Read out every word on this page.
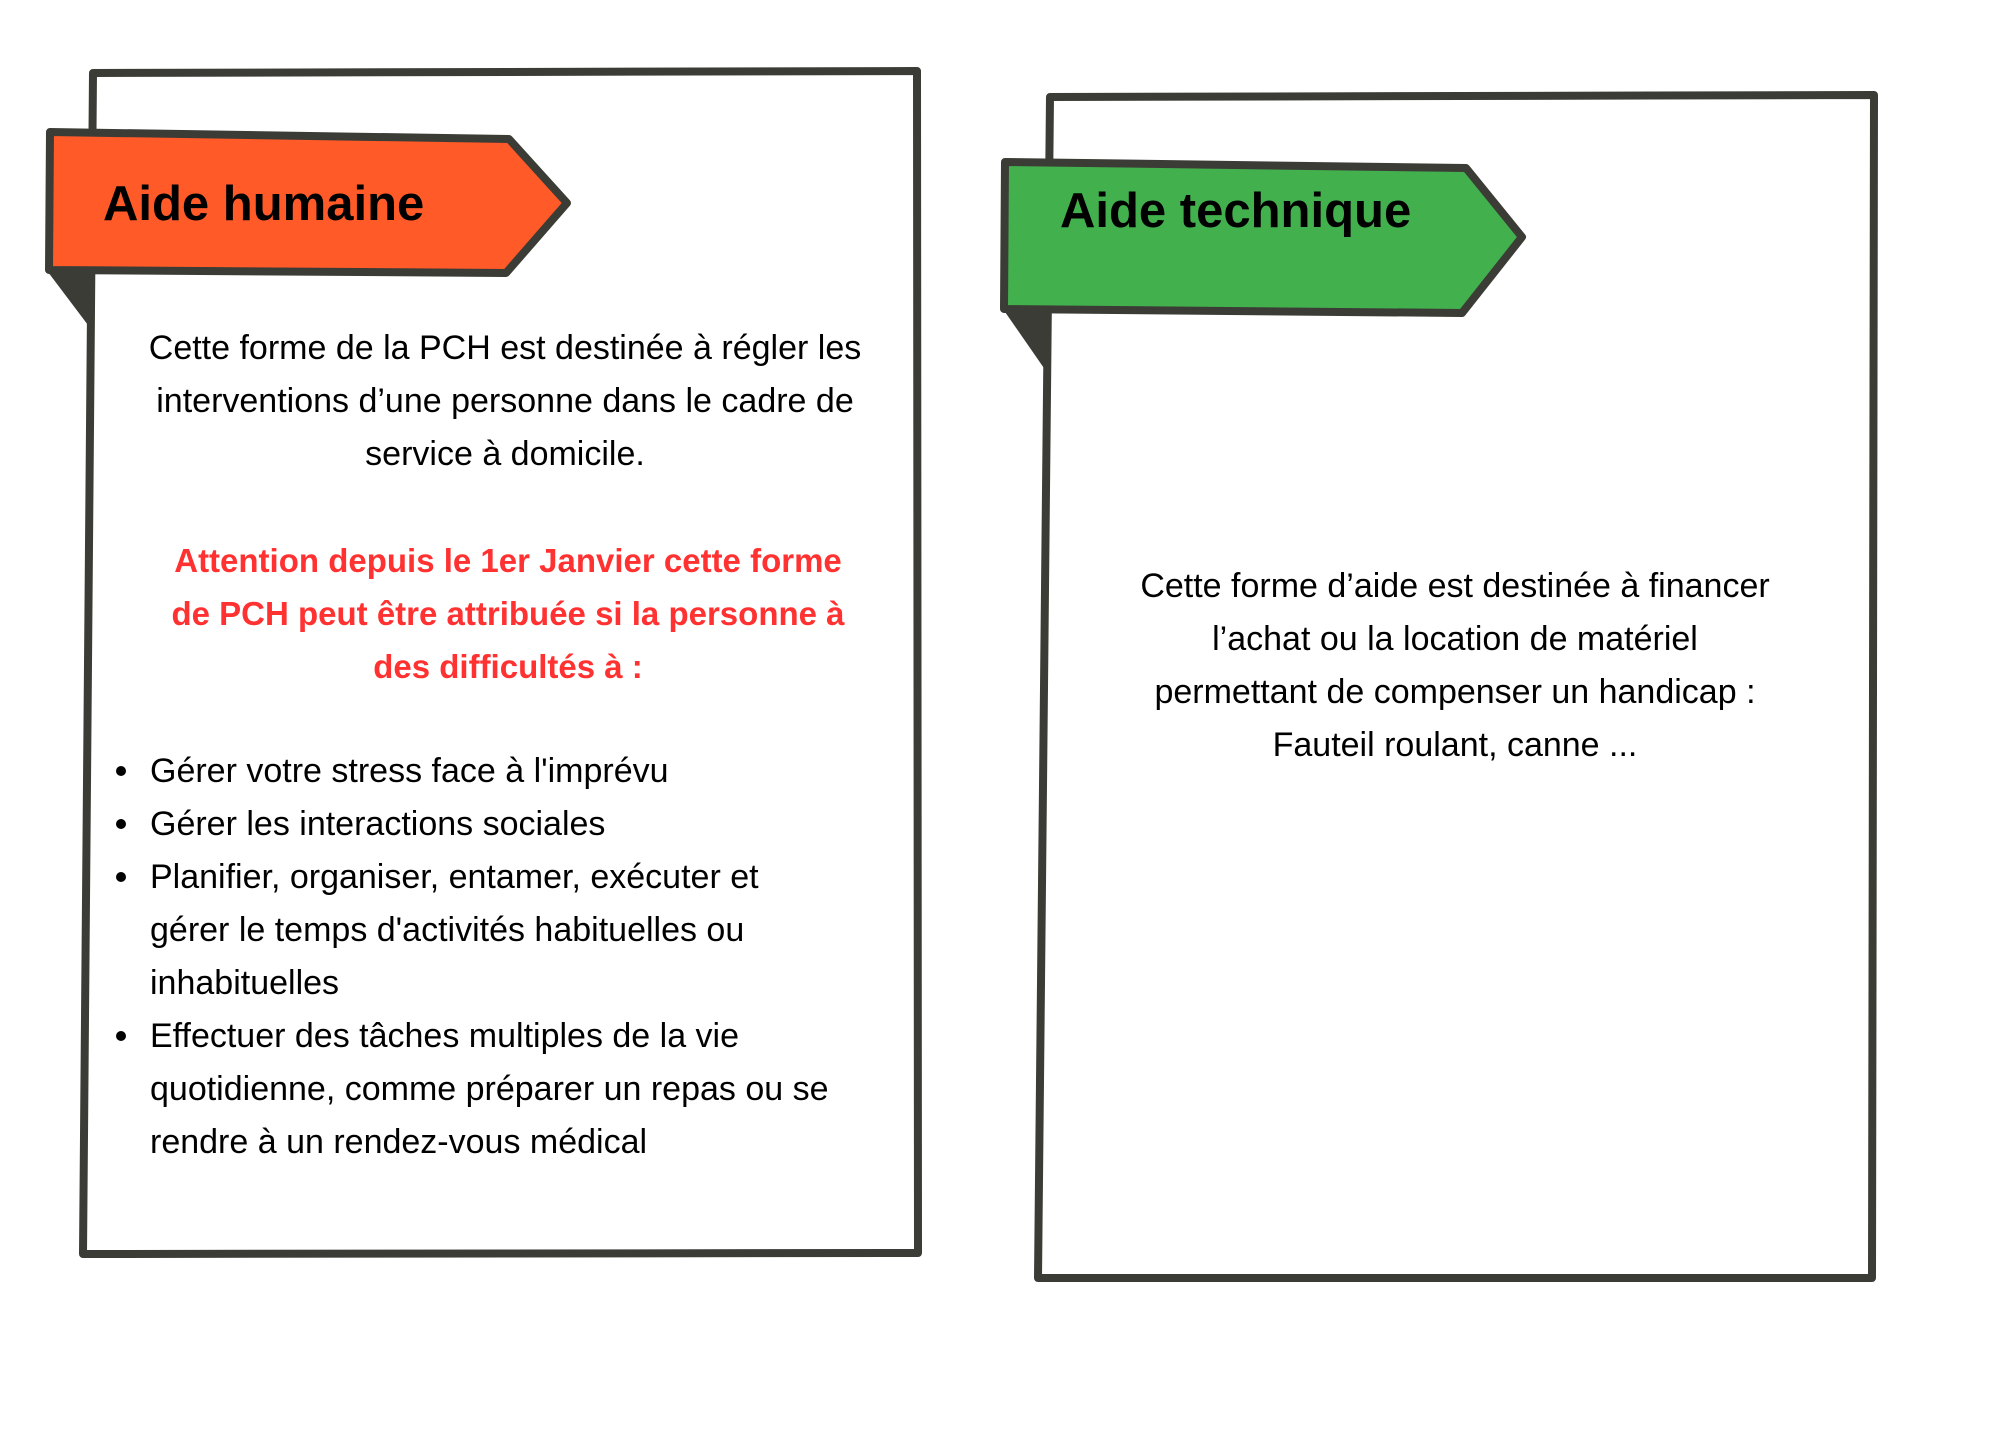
Aide humaine
Cette forme de la PCH est destinée à régler les
interventions d’une personne dans le cadre de
service à domicile.
Attention depuis le 1er Janvier cette forme
de PCH peut être attribuée si la personne à
des difficultés à :
Gérer votre stress face à l'imprévu
Gérer les interactions sociales
Planifier, organiser, entamer, exécuter et
gérer le temps d'activités habituelles ou
inhabituelles
Effectuer des tâches multiples de la vie
quotidienne, comme préparer un repas ou se
rendre à un rendez-vous médical
Aide technique
Cette forme d’aide est destinée à financer
l’achat ou la location de matériel
permettant de compenser un handicap :
Fauteil roulant, canne ...
